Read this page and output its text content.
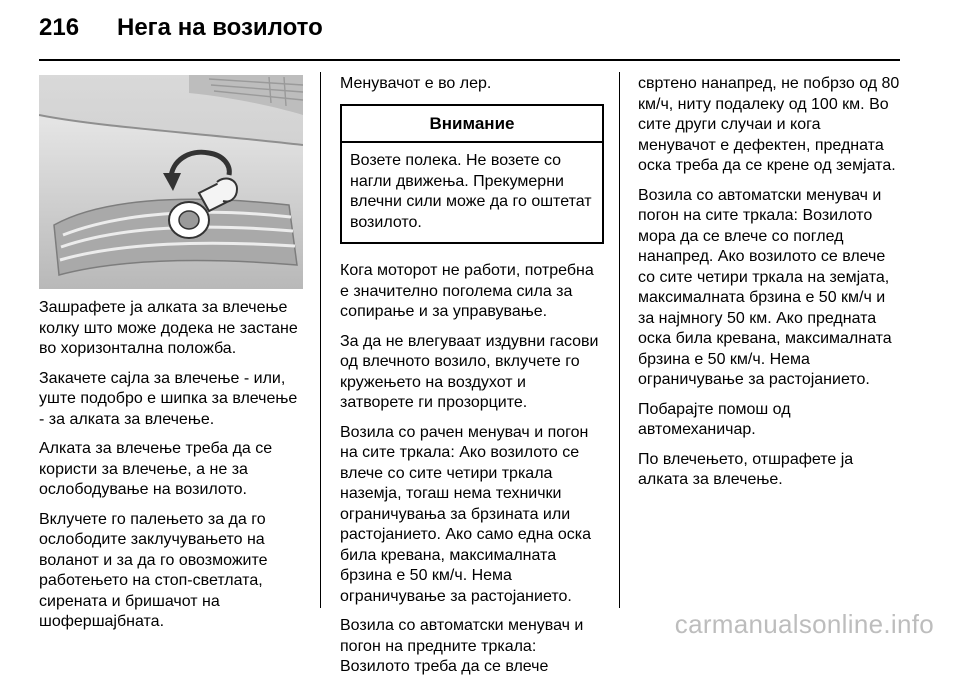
216	Нега на возилото

Зашрафете ја алката за влечење колку што може додека не застане во хоризонтална положба.

Закачете сајла за влечење - или, уште подобро е шипка за влечење - за алката за влечење.

Алката за влечење треба да се користи за влечење, а не за ослободување на возилото.

Вклучете го палењето за да го ослободите заклучувањето на воланот и за да го овозможите работењето на стоп-светлата, сирената и бришачот на шофершајбната.

Менувачот е во лер.

Внимание
Возете полека. Не возете со нагли движења. Прекумерни влечни сили може да го оштетат возилото.

Кога моторот не работи, потребна е значително поголема сила за сопирање и за управување.

За да не влегуваат издувни гасови од влечното возило, вклучете го кружењето на воздухот и затворете ги прозорците.

Возила со рачен менувач и погон на сите тркала: Ако возилото се влече со сите четири тркала наземја, тогаш нема технички ограничувања за брзината или растојанието. Ако само една оска била кревана, максималната брзина е 50 км/ч. Нема ограничување за растојанието.

Возила со автоматски менувач и погон на предните тркала: Возилото треба да се влече

свртено нанапред, не побрзо од 80 км/ч, ниту подалеку од 100 км. Во сите други случаи и кога менувачот е дефектен, предната оска треба да се крене од земјата.

Возила со автоматски менувач и погон на сите тркала: Возилото мора да се влече со поглед нанапред. Ако возилото се влече со сите четири тркала на земјата, максималната брзина е 50 км/ч и за најмногу 50 км. Ако предната оска била кревана, максималната брзина е 50 км/ч. Нема ограничување за растојанието.

Побарајте помош од автомеханичар.

По влечењето, отшрафете ја алката за влечење.

carmanualsonline.info
